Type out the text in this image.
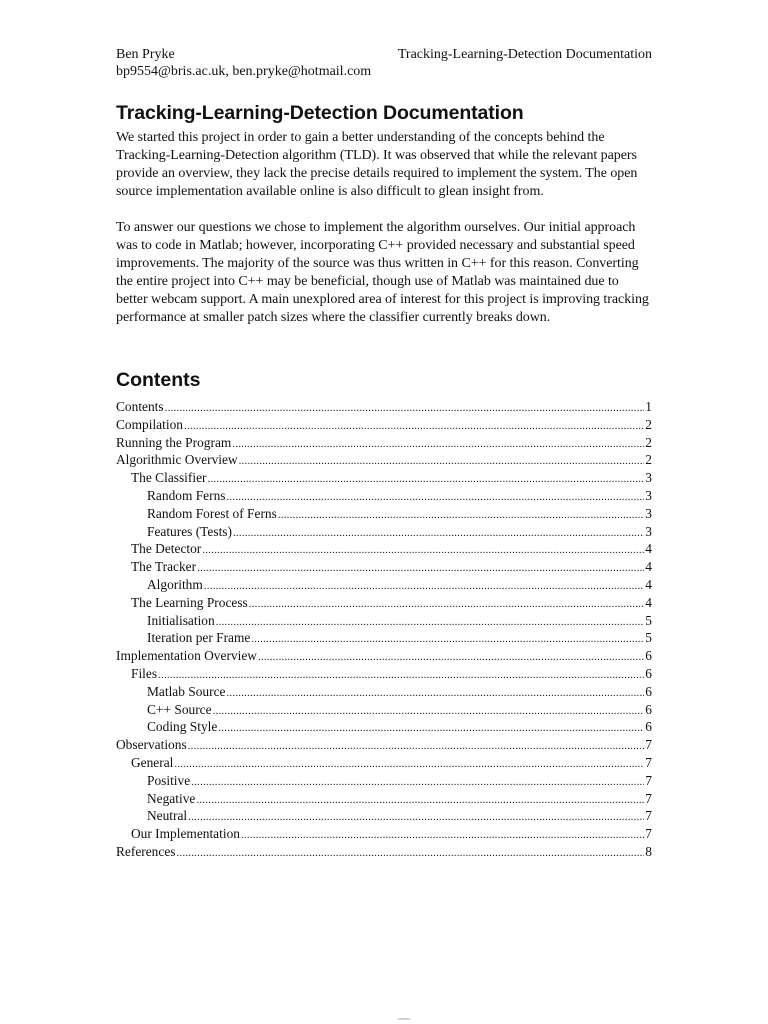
Ben Pryke	Tracking-Learning-Detection Documentation
bp9554@bris.ac.uk, ben.pryke@hotmail.com
Tracking-Learning-Detection Documentation

We started this project in order to gain a better understanding of the concepts behind the Tracking-Learning-Detection algorithm (TLD). It was observed that while the relevant papers provide an overview, they lack the precise details required to implement the system. The open source implementation available online is also difficult to glean insight from.

To answer our questions we chose to implement the algorithm ourselves. Our initial approach was to code in Matlab; however, incorporating C++ provided necessary and substantial speed improvements. The majority of the source was thus written in C++ for this reason. Converting the entire project into C++ may be beneficial, though use of Matlab was maintained due to better webcam support. A main unexplored area of interest for this project is improving tracking performance at smaller patch sizes where the classifier currently breaks down.

Contents
Contents .....	1
Compilation .....	2
Running the Program .....	2
Algorithmic Overview .....	2
The Classifier .....	3
Random Ferns .....	3
Random Forest of Ferns .....	3
Features (Tests) .....	3
The Detector .....	4
The Tracker .....	4
Algorithm .....	4
The Learning Process .....	4
Initialisation .....	5
Iteration per Frame .....	5
Implementation Overview .....	6
Files .....	6
Matlab Source .....	6
C++ Source .....	6
Coding Style .....	6
Observations .....	7
General .....	7
Positive .....	7
Negative .....	7
Neutral .....	7
Our Implementation .....	7
References .....	8
